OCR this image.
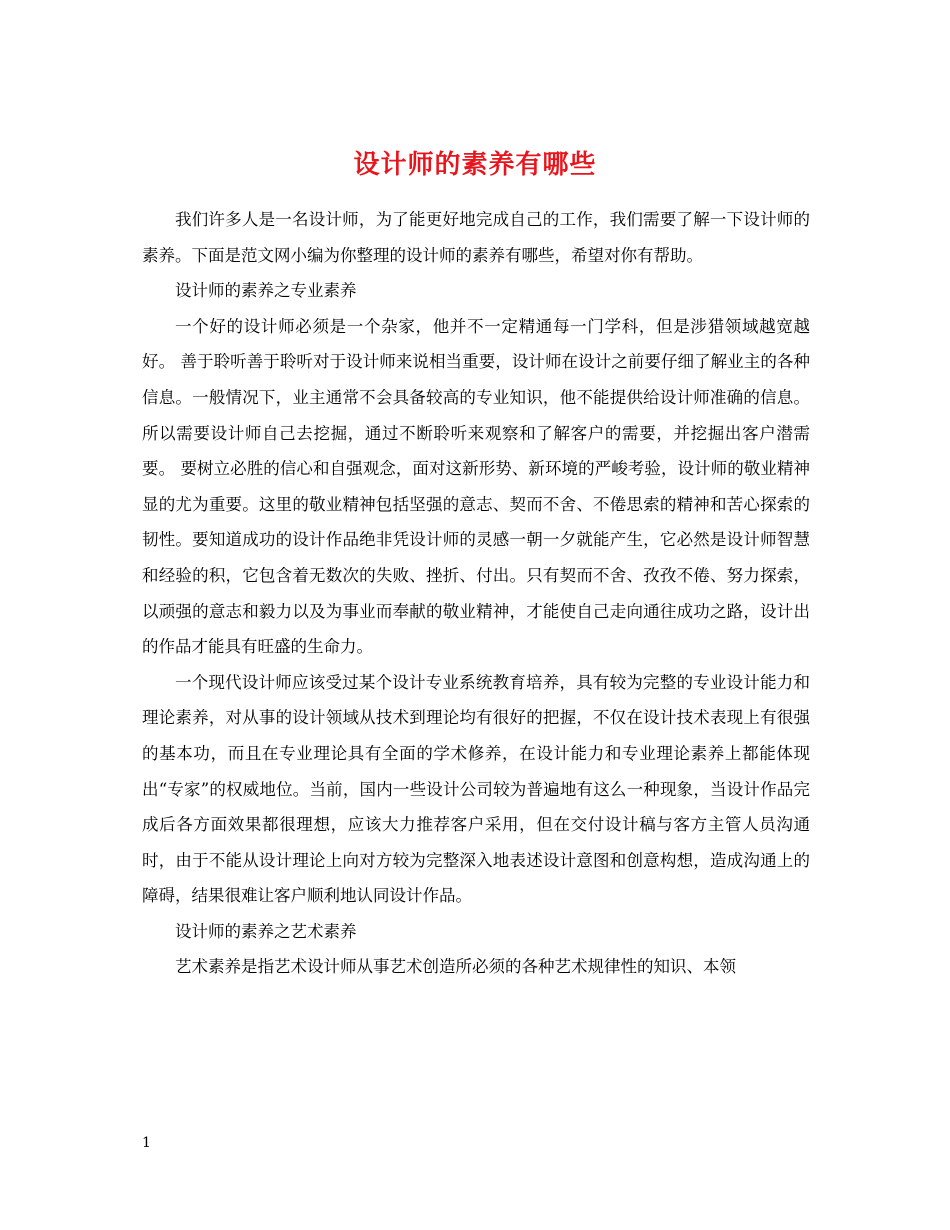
设计师的素养有哪些

我们许多人是一名设计师，为了能更好地完成自己的工作，我们需要了解一下设计师的素养。下面是范文网小编为你整理的设计师的素养有哪些，希望对你有帮助。

设计师的素养之专业素养

一个好的设计师必须是一个杂家，他并不一定精通每一门学科，但是涉猎领域越宽越好。 善于聆听善于聆听对于设计师来说相当重要，设计师在设计之前要仔细了解业主的各种信息。一般情况下，业主通常不会具备较高的专业知识，他不能提供给设计师准确的信息。所以需要设计师自己去挖掘，通过不断聆听来观察和了解客户的需要，并挖掘出客户潜需要。 要树立必胜的信心和自强观念，面对这新形势、新环境的严峻考验，设计师的敬业精神显的尤为重要。这里的敬业精神包括坚强的意志、契而不舍、不倦思索的精神和苦心探索的韧性。要知道成功的设计作品绝非凭设计师的灵感一朝一夕就能产生，它必然是设计师智慧和经验的积，它包含着无数次的失败、挫折、付出。只有契而不舍、孜孜不倦、努力探索，以顽强的意志和毅力以及为事业而奉献的敬业精神，才能使自己走向通往成功之路，设计出的作品才能具有旺盛的生命力。

一个现代设计师应该受过某个设计专业系统教育培养，具有较为完整的专业设计能力和理论素养，对从事的设计领域从技术到理论均有很好的把握，不仅在设计技术表现上有很强的基本功，而且在专业理论具有全面的学术修养，在设计能力和专业理论素养上都能体现出“专家”的权威地位。当前，国内一些设计公司较为普遍地有这么一种现象，当设计作品完成后各方面效果都很理想，应该大力推荐客户采用，但在交付设计稿与客方主管人员沟通时，由于不能从设计理论上向对方较为完整深入地表述设计意图和创意构想，造成沟通上的障碍，结果很难让客户顺利地认同设计作品。

设计师的素养之艺术素养

艺术素养是指艺术设计师从事艺术创造所必须的各种艺术规律性的知识、本领

1
